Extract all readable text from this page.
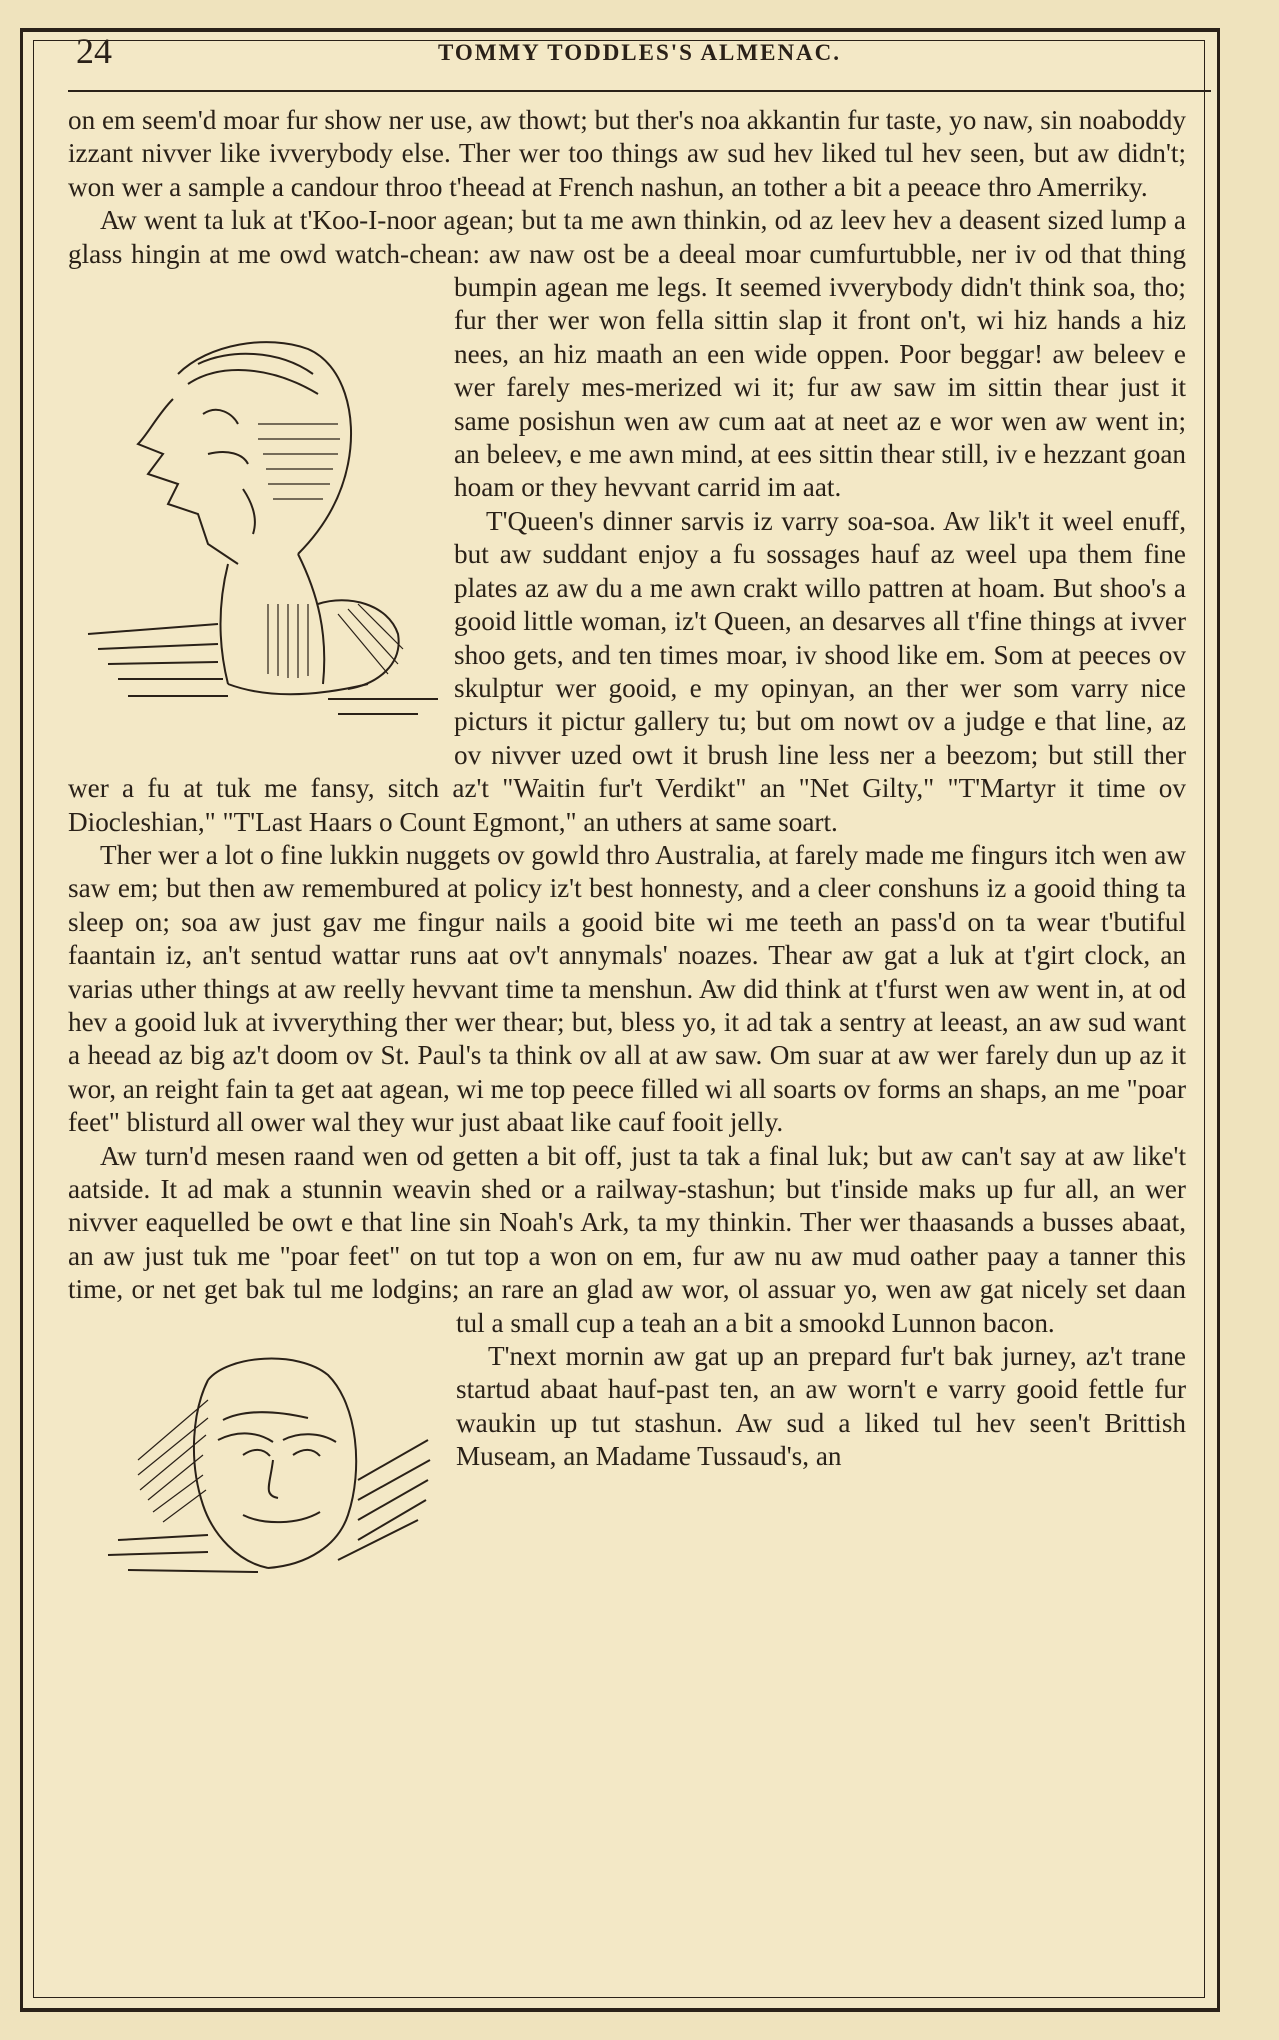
24	TOMMY TODDLES'S ALMENAC.

on em seem'd moar fur show ner use, aw thowt; but ther's noa akkantin fur taste, yo naw, sin noaboddy izzant nivver like ivverybody else. Ther wer too things aw sud hev liked tul hev seen, but aw didn't; won wer a sample a candour throo t'heead at French nashun, an tother a bit a peeace thro Amerriky.

Aw went ta luk at t'Koo-I-noor agean; but ta me awn thinkin, od az leev hev a deasent sized lump a glass hingin at me owd watch-chean: aw naw ost be a deeal moar cumfurtubble, ner iv od that thing bumpin agean me legs. It seemed ivverybody didn't think soa, tho; fur ther wer won fella sittin slap it front on't, wi hiz hands a hiz nees, an hiz maath an een wide oppen. Poor beggar! aw beleev e wer farely mes-merized wi it; fur aw saw im sittin thear just it same posishun wen aw cum aat at neet az e wor wen aw went in; an beleev, e me awn mind, at ees sittin thear still, iv e hezzant goan hoam or they hevvant carrid im aat.

T'Queen's dinner sarvis iz varry soa-soa. Aw lik't it weel enuff, but aw suddant enjoy a fu sossages hauf az weel upa them fine plates az aw du a me awn crakt willo pattren at hoam. But shoo's a gooid little woman, iz't Queen, an desarves all t'fine things at ivver shoo gets, and ten times moar, iv shood like em. Som at peeces ov skulptur wer gooid, e my opinyan, an ther wer som varry nice picturs it pictur gallery tu; but om nowt ov a judge e that line, az ov nivver uzed owt it brush line less ner a beezom; but still ther wer a fu at tuk me fansy, sitch az't "Waitin fur't Verdikt" an "Net Gilty," "T'Martyr it time ov Diocleshian," "T'Last Haars o Count Egmont," an uthers at same soart.

Ther wer a lot o fine lukkin nuggets ov gowld thro Australia, at farely made me fingurs itch wen aw saw em; but then aw remembured at policy iz't best honnesty, and a cleer conshuns iz a gooid thing ta sleep on; soa aw just gav me fingur nails a gooid bite wi me teeth an pass'd on ta wear t'butiful faantain iz, an't sentud wattar runs aat ov't annymals' noazes. Thear aw gat a luk at t'girt clock, an varias uther things at aw reelly hevvant time ta menshun. Aw did think at t'furst wen aw went in, at od hev a gooid luk at ivverything ther wer thear; but, bless yo, it ad tak a sentry at leeast, an aw sud want a heead az big az't doom ov St. Paul's ta think ov all at aw saw. Om suar at aw wer farely dun up az it wor, an reight fain ta get aat agean, wi me top peece filled wi all soarts ov forms an shaps, an me "poar feet" blisturd all ower wal they wur just abaat like cauf fooit jelly.

Aw turn'd mesen raand wen od getten a bit off, just ta tak a final luk; but aw can't say at aw like't aatside. It ad mak a stunnin weavin shed or a railway-stashun; but t'inside maks up fur all, an wer nivver eaquelled be owt e that line sin Noah's Ark, ta my thinkin. Ther wer thaasands a busses abaat, an aw just tuk me "poar feet" on tut top a won on em, fur aw nu aw mud oather paay a tanner this time, or net get bak tul me lodgins; an rare an glad aw wor, ol assuar yo, wen aw gat nicely set daan tul a small cup a teah an a bit a smookd Lunnon bacon.

T'next mornin aw gat up an prepard fur't bak jurney, az't trane startud abaat hauf-past ten, an aw worn't e varry gooid fettle fur waukin up tut stashun. Aw sud a liked tul hev seen't Brittish Museam, an Madame Tussaud's, an
